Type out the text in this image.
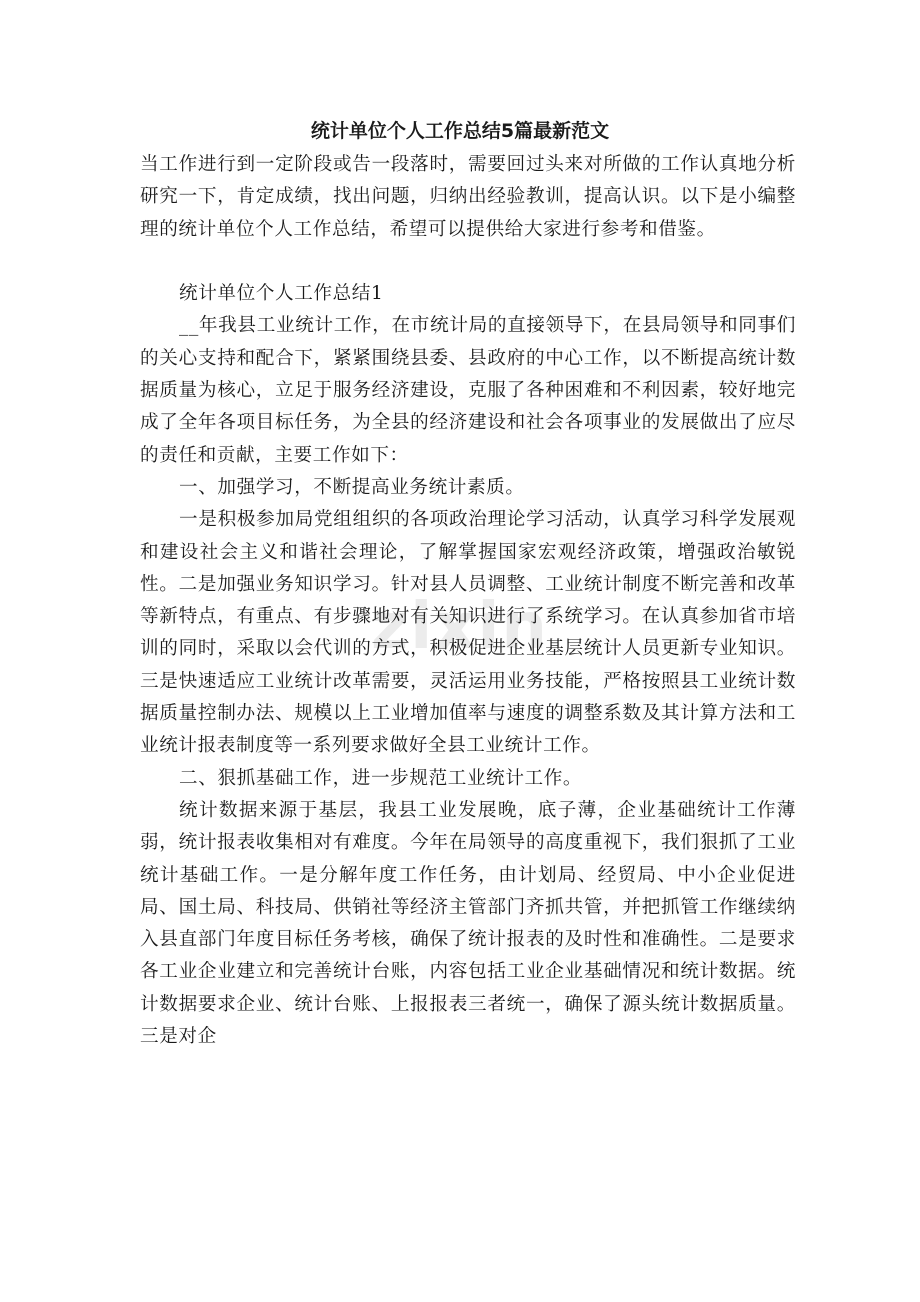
zixin
统计单位个人工作总结5篇最新范文

当工作进行到一定阶段或告一段落时，需要回过头来对所做的工作认真地分析研究一下，肯定成绩，找出问题，归纳出经验教训，提高认识。以下是小编整理的统计单位个人工作总结，希望可以提供给大家进行参考和借鉴。

统计单位个人工作总结1

__年我县工业统计工作，在市统计局的直接领导下，在县局领导和同事们的关心支持和配合下，紧紧围绕县委、县政府的中心工作，以不断提高统计数据质量为核心，立足于服务经济建设，克服了各种困难和不利因素，较好地完成了全年各项目标任务，为全县的经济建设和社会各项事业的发展做出了应尽的责任和贡献，主要工作如下：

一、加强学习，不断提高业务统计素质。

一是积极参加局党组组织的各项政治理论学习活动，认真学习科学发展观和建设社会主义和谐社会理论，了解掌握国家宏观经济政策，增强政治敏锐性。二是加强业务知识学习。针对县人员调整、工业统计制度不断完善和改革等新特点，有重点、有步骤地对有关知识进行了系统学习。在认真参加省市培训的同时，采取以会代训的方式，积极促进企业基层统计人员更新专业知识。三是快速适应工业统计改革需要，灵活运用业务技能，严格按照县工业统计数据质量控制办法、规模以上工业增加值率与速度的调整系数及其计算方法和工业统计报表制度等一系列要求做好全县工业统计工作。

二、狠抓基础工作，进一步规范工业统计工作。

统计数据来源于基层，我县工业发展晚，底子薄，企业基础统计工作薄弱，统计报表收集相对有难度。今年在局领导的高度重视下，我们狠抓了工业统计基础工作。一是分解年度工作任务，由计划局、经贸局、中小企业促进局、国土局、科技局、供销社等经济主管部门齐抓共管，并把抓管工作继续纳入县直部门年度目标任务考核，确保了统计报表的及时性和准确性。二是要求各工业企业建立和完善统计台账，内容包括工业企业基础情况和统计数据。统计数据要求企业、统计台账、上报报表三者统一，确保了源头统计数据质量。三是对企
